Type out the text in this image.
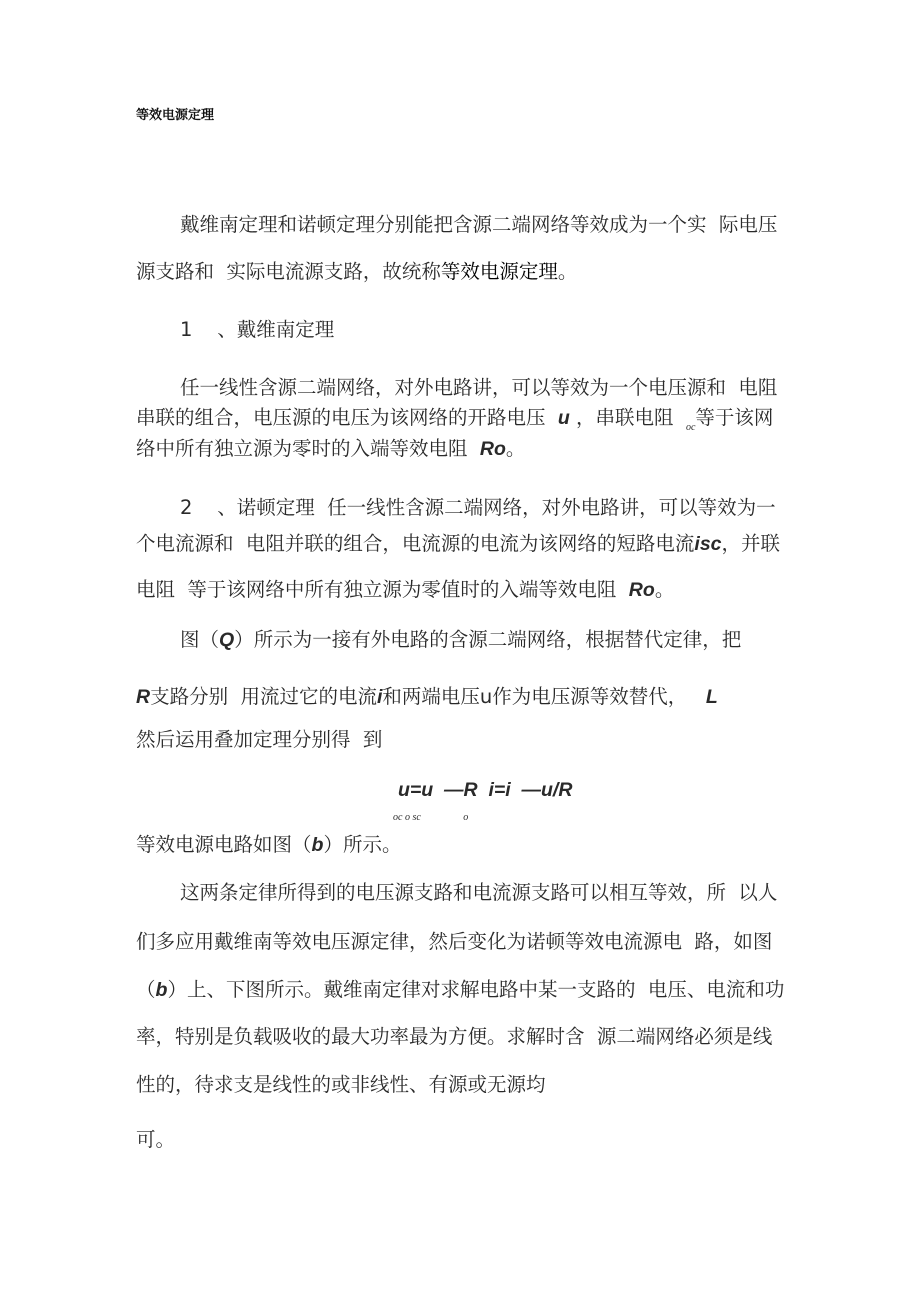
等效电源定理
戴维南定理和诺顿定理分别能把含源二端网络等效成为一个实  际电压
源支路和  实际电流源支路，故统称等效电源定理。
1    、戴维南定理
任一线性含源二端网络，对外电路讲，可以等效为一个电压源和  电阻
串联的组合，电压源的电压为该网络的开路电压  u ，串联电阻  $_{oc}$等于该网
络中所有独立源为零时的入端等效电阻  Ro。
2    、诺顿定理  任一线性含源二端网络，对外电路讲，可以等效为一
个电流源和  电阻并联的组合，电流源的电流为该网络的短路电流isc，并联
电阻  等于该网络中所有独立源为零值时的入端等效电阻  Ro。
图（Q）所示为一接有外电路的含源二端网络，根据替代定律，把
R支路分别  用流过它的电流i和两端电压u作为电压源等效替代，   L
然后运用叠加定理分别得  到
u=u  —R  i=i  —u/R
$_{oc o sc o}$
等效电源电路如图（b）所示。
这两条定律所得到的电压源支路和电流源支路可以相互等效，所  以人
们多应用戴维南等效电压源定律，然后变化为诺顿等效电流源电  路，如图
（b）上、下图所示。戴维南定律对求解电路中某一支路的  电压、电流和功
率，特别是负载吸收的最大功率最为方便。求解时含  源二端网络必须是线
性的，待求支是线性的或非线性、有源或无源均
可。
